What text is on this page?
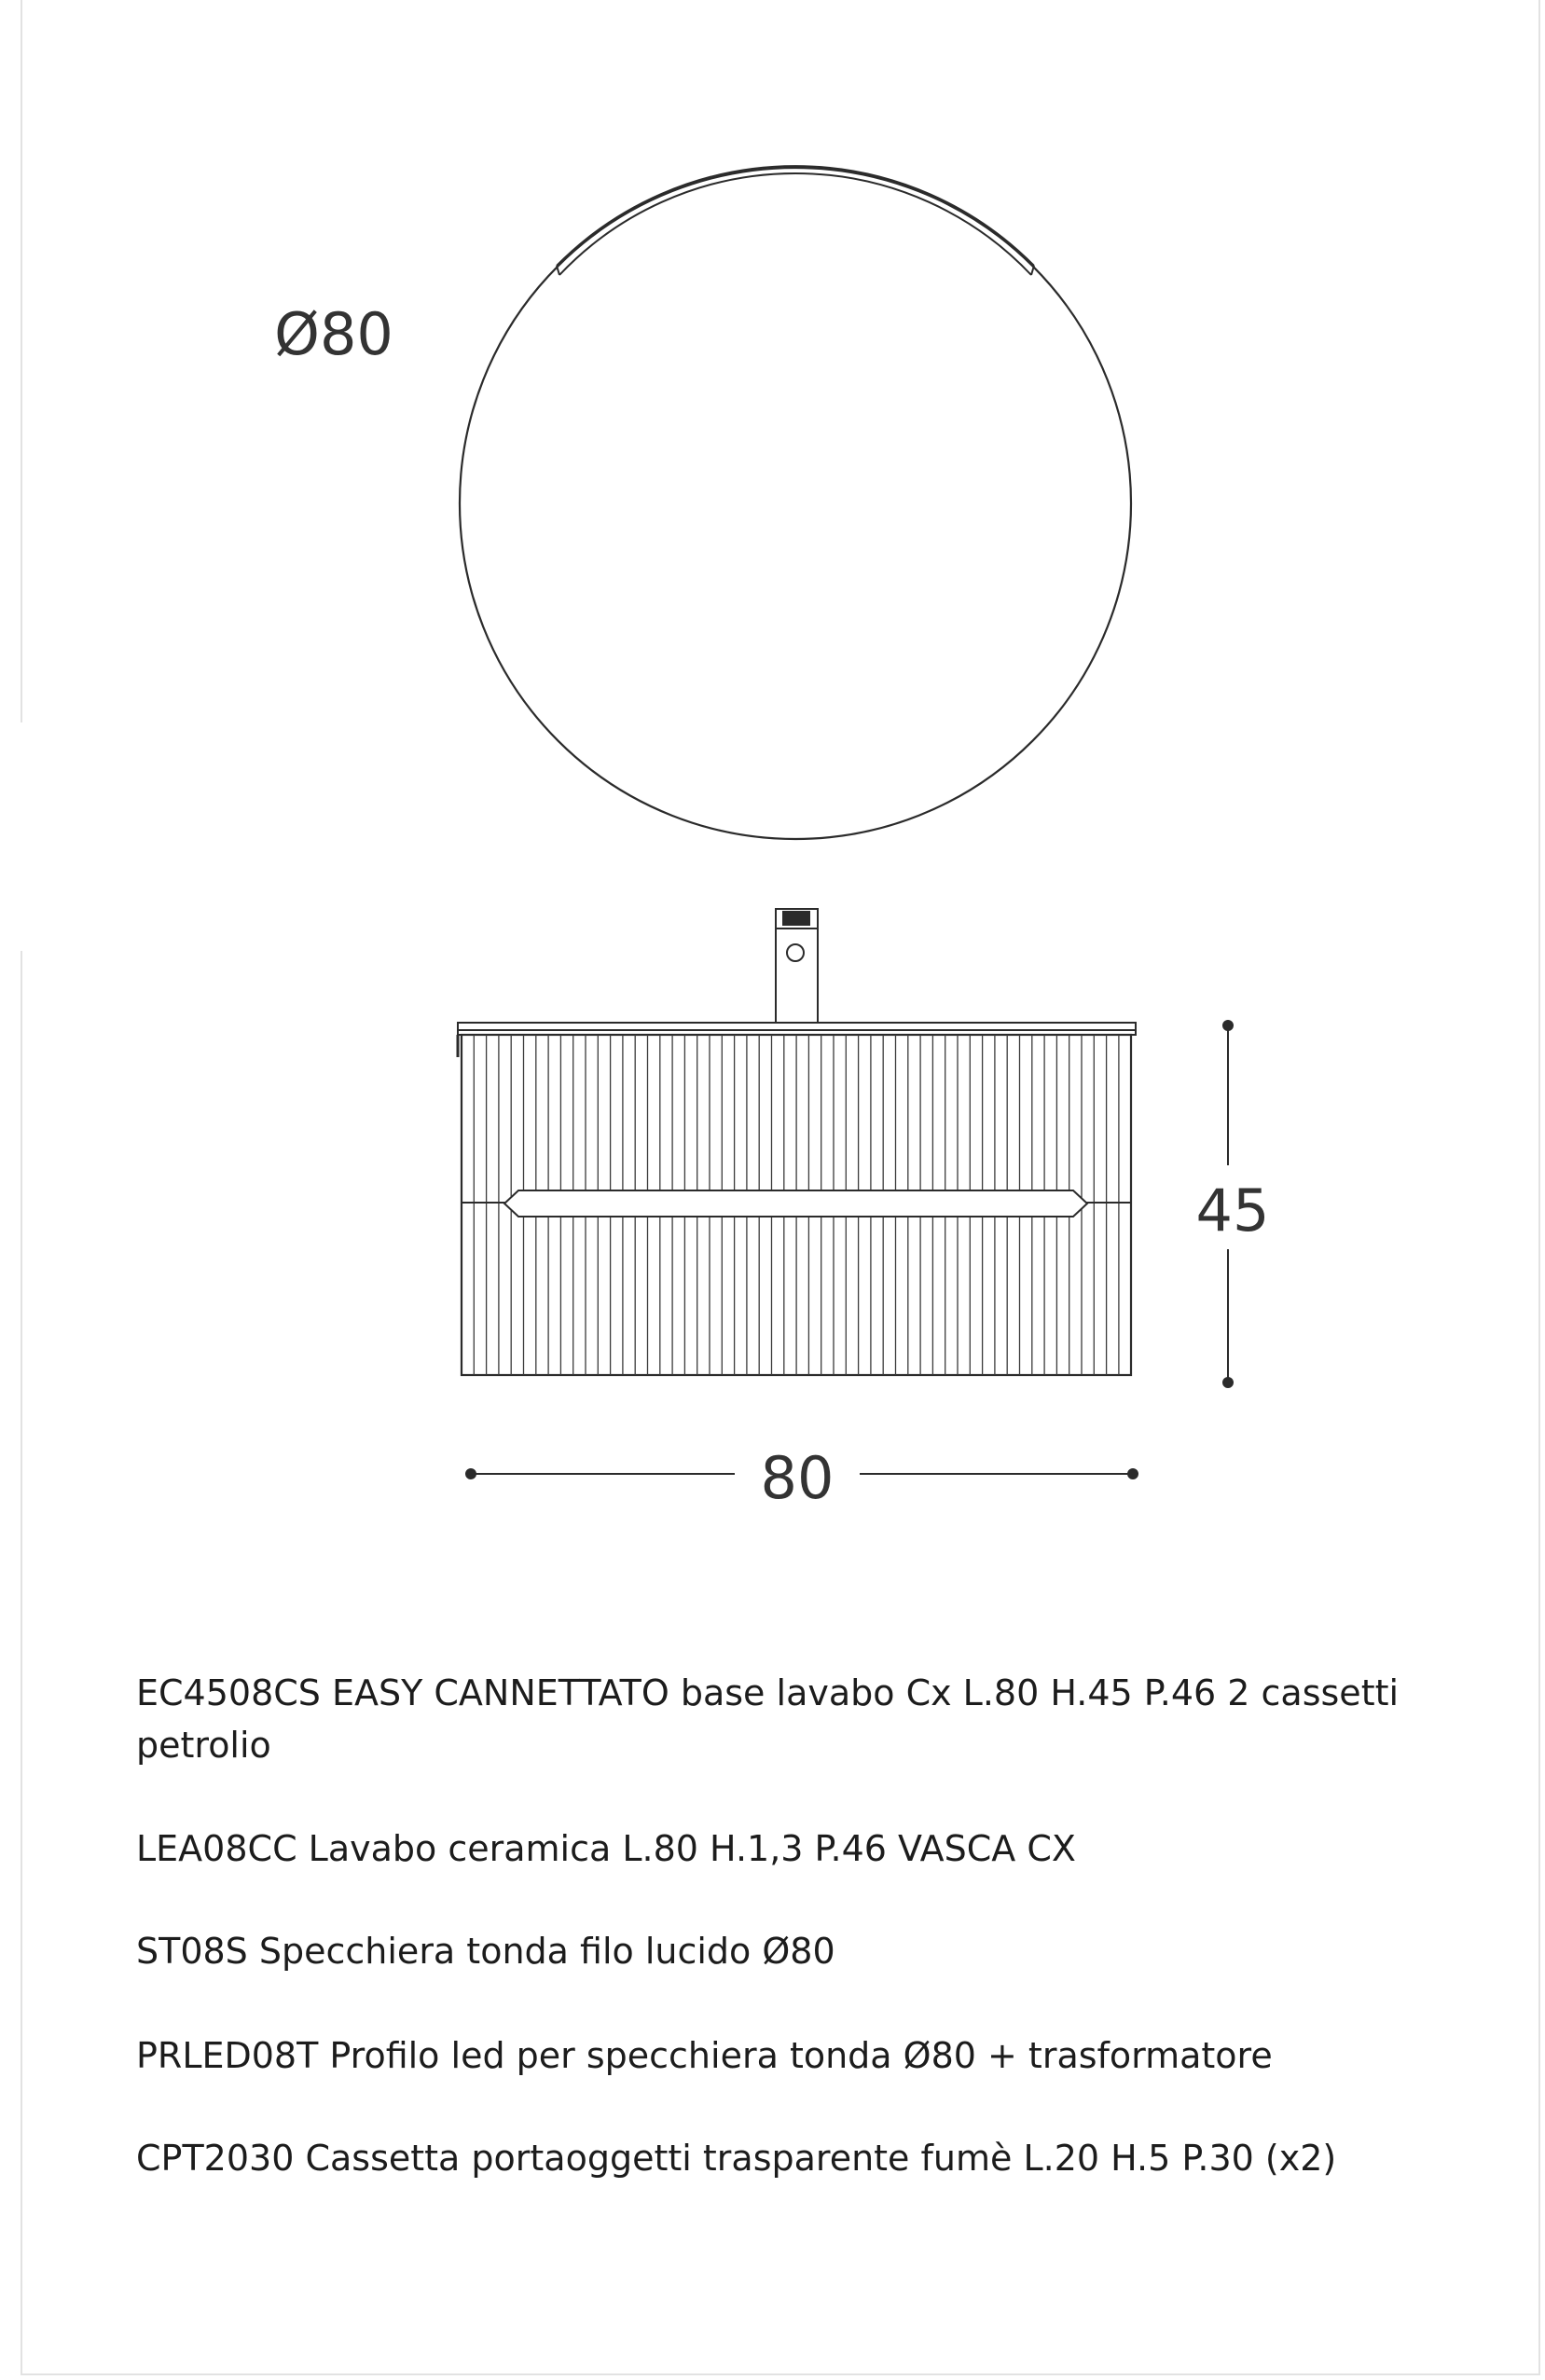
Ø80
45
80

EC4508CS EASY CANNETTATO base lavabo Cx L.80 H.45 P.46 2 cassetti petrolio

LEA08CC Lavabo ceramica L.80 H.1,3 P.46 VASCA CX

ST08S Specchiera tonda filo lucido Ø80

PRLED08T Profilo led per specchiera tonda Ø80 + trasformatore

CPT2030 Cassetta portaoggetti trasparente fumè L.20 H.5 P.30 (x2)
